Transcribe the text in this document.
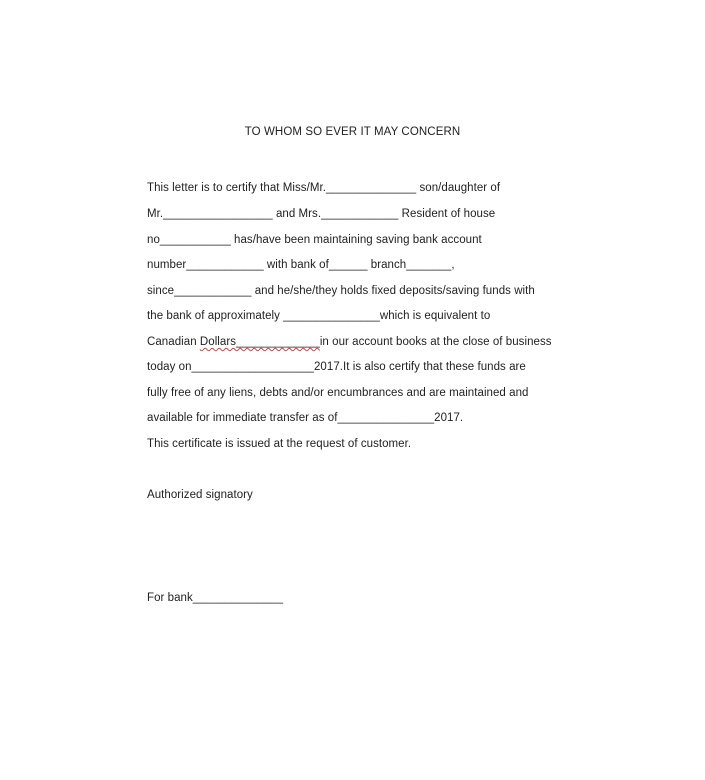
TO WHOM SO EVER IT MAY CONCERN
This letter is to certify that Miss/Mr.______________ son/daughter of
Mr._________________ and Mrs.____________ Resident of house
no___________ has/have been maintaining saving bank account
number____________ with bank of______ branch_______,
since____________ and he/she/they holds fixed deposits/saving funds with
the bank of approximately _______________which is equivalent to
Canadian Dollars_____________in our account books at the close of business
today on___________________2017.It is also certify that these funds are
fully free of any liens, debts and/or encumbrances and are maintained and
available for immediate transfer as of_______________2017.
This certificate is issued at the request of customer.
Authorized signatory
For bank______________
